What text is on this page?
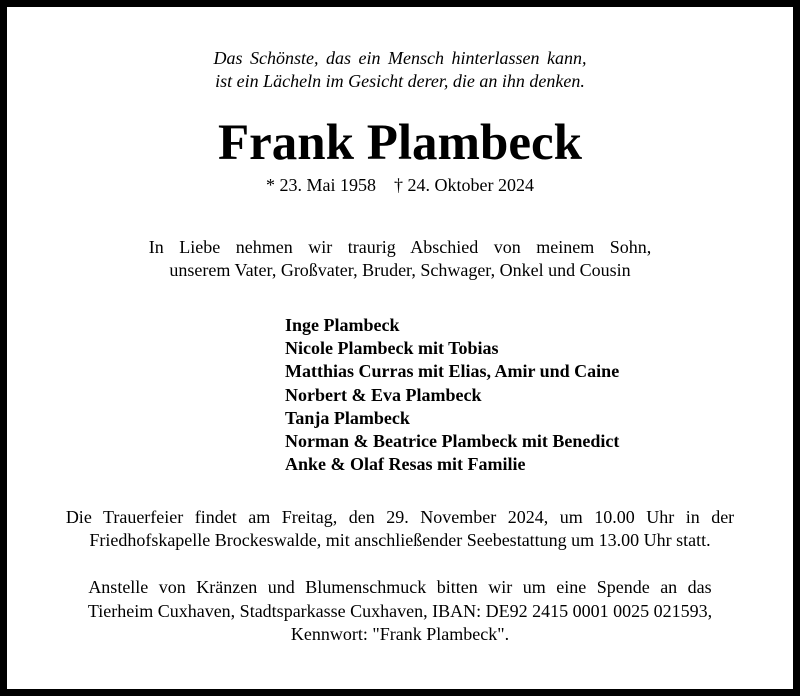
Das Schönste, das ein Mensch hinterlassen kann,
ist ein Lächeln im Gesicht derer, die an ihn denken.
Frank Plambeck
* 23. Mai 1958 † 24. Oktober 2024
In Liebe nehmen wir traurig Abschied von meinem Sohn,
unserem Vater, Großvater, Bruder, Schwager, Onkel und Cousin
Inge Plambeck
Nicole Plambeck mit Tobias
Matthias Curras mit Elias, Amir und Caine
Norbert & Eva Plambeck
Tanja Plambeck
Norman & Beatrice Plambeck mit Benedict
Anke & Olaf Resas mit Familie
Die Trauerfeier findet am Freitag, den 29. November 2024, um 10.00 Uhr in der
Friedhofskapelle Brockeswalde, mit anschließender Seebestattung um 13.00 Uhr statt.
Anstelle von Kränzen und Blumenschmuck bitten wir um eine Spende an das
Tierheim Cuxhaven, Stadtsparkasse Cuxhaven, IBAN: DE92 2415 0001 0025 021593,
Kennwort: "Frank Plambeck".
